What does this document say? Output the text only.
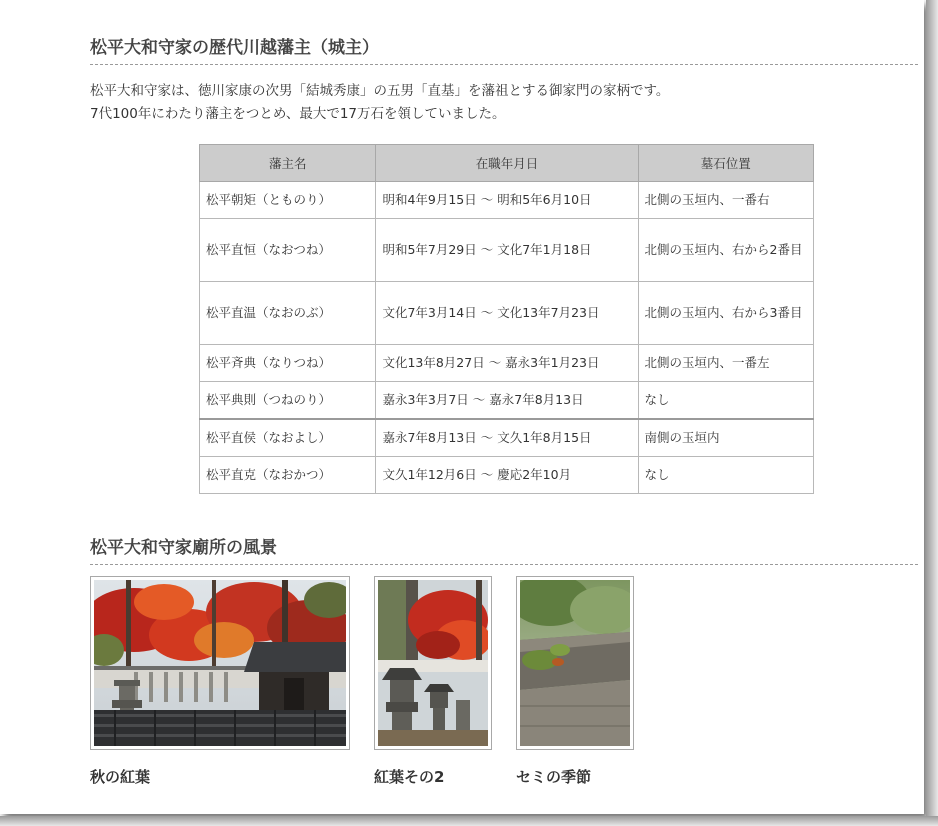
松平大和守家の歴代川越藩主（城主）

松平大和守家は、徳川家康の次男「結城秀康」の五男「直基」を藩祖とする御家門の家柄です。

7代100年にわたり藩主をつとめ、最大で17万石を領していました。

藩主名	在職年月日	墓石位置
松平朝矩（とものり）	明和4年9月15日 ～ 明和5年6月10日	北側の玉垣内、一番右
松平直恒（なおつね）	明和5年7月29日 ～ 文化7年1月18日	北側の玉垣内、右から2番目
松平直温（なおのぶ）	文化7年3月14日 ～ 文化13年7月23日	北側の玉垣内、右から3番目
松平斉典（なりつね）	文化13年8月27日 ～ 嘉永3年1月23日	北側の玉垣内、一番左
松平典則（つねのり）	嘉永3年3月7日 ～ 嘉永7年8月13日	なし
松平直侯（なおよし）	嘉永7年8月13日 ～ 文久1年8月15日	南側の玉垣内
松平直克（なおかつ）	文久1年12月6日 ～ 慶応2年10月	なし
松平大和守家廟所の風景

秋の紅葉	紅葉その2	セミの季節
